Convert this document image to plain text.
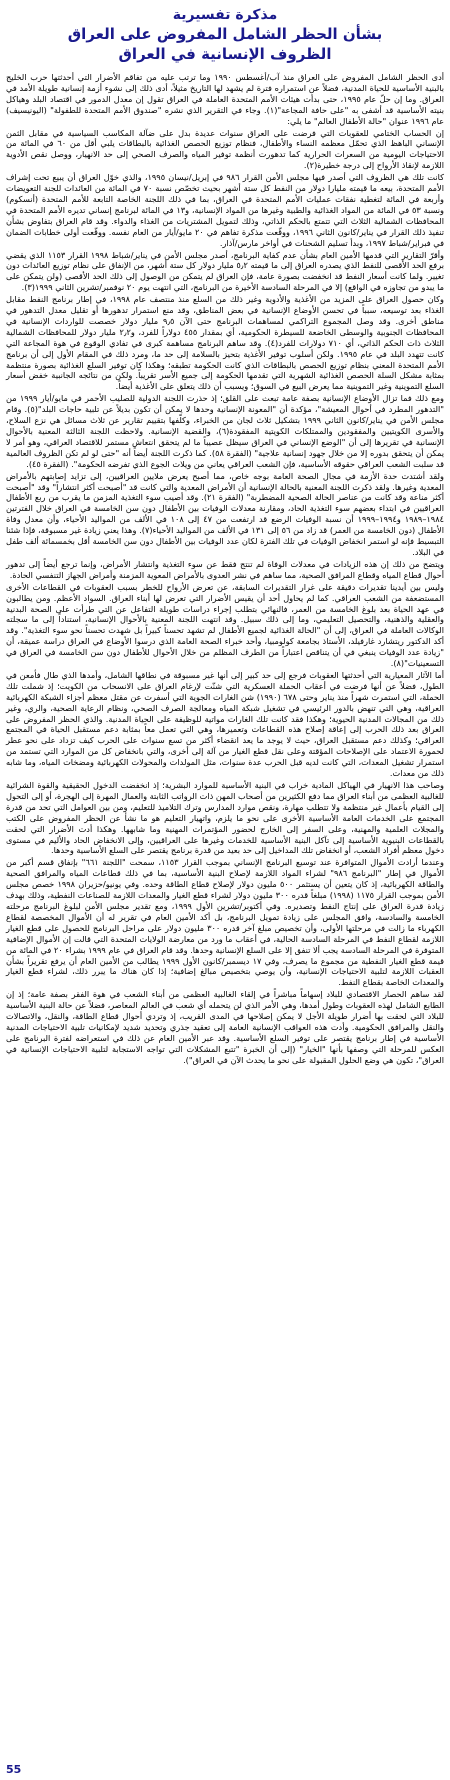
مذكرة تفسيرية
بشأن الحظر الشامل المفروض على العراق
الظروف الإنسانية في العراق

أدى الحظر الشامل المفروض على العراق منذ آب/أغسطس ١٩٩٠ وما ترتب عليه من تفاقم الأضرار التي أحدثتها حرب الخليج بالبنية الأساسية للحياة المدنية، فضلاً عن استمراره فترة لم يشهد لها التاريخ مثيلاً، أدى ذلك إلى نشوء أزمة إنسانية طويلة الأمد في العراق. وما إن حلّ عام ١٩٩٥، حتى بدأت هيئات الأمم المتحدة العاملة في العراق تقول إن معدل الدمور في اقتصاد البلد وهياكل بنيته الأساسية قد أشفى به "على حافة المجاعة"(١). وجاء في التقرير الذي نشره "صندوق الأمم المتحدة للطفولة" (اليونيسيف) عام ١٩٩٦ عنوان "حالة الأطفال العالم" ما يلي:

إن الحساب الختامي للعقوبات التي فرضت على العراق سنوات عديدة بدل على ضآلة المكاسب السياسية في مقابل الثمن الإنساني الباهظ الذي تحمّل معظمه النساء والأطفال، فنظام توزيع الحصص الغذائية بالبطاقات يلبي أقل من ٦٠ في المائة من الاحتياجات اليومية من السعرات الحرارية كما تدهورت أنظمة توفير المياه والصرف الصحي إلى حد الانهيار، ووصل نقص الأدوية اللازمة لإنقاذ الأرواح إلى درجة خطيرة(٢).

كانت تلك هي الظروف التي أصدر فيها مجلس الأمن القرار ٩٨٦ في إبريل/نيسان ١٩٩٥، والذي خوّل العراق أن يبيع تحت إشراف الأمم المتحدة، بيعه ما قيمته مليارا دولار من النفط كل ستة أشهر بحيث تخصّص نسبة ٧٠ في المائة من العائدات للجنة التعويضات وأربعة في المائة لتغطية نفقات عمليات الأمم المتحدة في العراق، بما في ذلك اللجنة الخاصة التابعة للأمم المتحدة (أنسكوم) ونسبة ٥٣ في المائة من المواد الغذائية والطبية وغيرها من المواد الإنسانية، و١٣ في المائة لبرنامج إنساني تديره الأمم المتحدة في المحافظات الشمالية الثلاث التي تتمتع بالحكم الذاتي، وذلك لتمويل المشتريات من الغذاء والدواء. وقد قام العراق بتفاوض بشأن تنفيذ ذلك القرار في يناير/كانون الثاني ١٩٩٦، ووقّعت مذكرة تفاهم في ٢٠ مايو/أيار من العام نفسه. ووقّعت أولى خطابات الضمان في فبراير/شباط ١٩٩٧، وبدأ تسليم الشحنات في أواخر مارس/آذار.

وأقرّ التقارير التي قدمها الأمين العام بشأن عدم كفاية البرنامج، أصدر مجلس الأمن في يناير/شباط ١٩٩٨ القرار ١١٥٣ الذي يقضي برفع الحد الأقصى للنفط الذي يصدره العراق إلى ما قيمته ٥٫٢ مليار دولار كل ستة أشهر، من الإنفاق على نظام توزيع العائدات دون تغيير. ولما كانت أسعار النفط قد انخفضت بصورة عامة، فإن العراق لم يتمكن من الوصول إلى ذلك الحد الأقصى (ولن يتمكن على ما يبدو من تجاوزه في الواقع) إلا في المرحلة السادسة الأخيرة من البرنامج، التي انتهت يوم ٢٠ نوفمبر/تشرين الثاني ١٩٩٩(٣).

وكان حصول العراق على المزيد من الأغذية والأدوية وغير ذلك من السلع منذ منتصف عام ١٩٩٨، في إطار برنامج النفط مقابل الغذاء بعد توسيعه، سبباً في تحسن الأوضاع الإنسانية في بعض المناطق، وقد منع استمرار تدهورها أو تقليل معدل التدهور في مناطق أخرى. وقد وصل المجموع التراكمي لمساهمات البرنامج حتى الآن ٩٫٥ مليار دولار خصصت للواردات الإنسانية في المحافظات الجنوبية والوسطى الخاضعة للسيطرة الحكومية، أي بمقدار ٤٥٥ دولاراً للفرد، و٢٫٢ مليار دولار للمحافظات الشمالية الثلاث ذات الحكم الذاتي، أي ٧١٠ دولارات للفرد(٤). وقد ساهم البرنامج مساهمة كبرى في تفادي الوقوع في هوة المجاعة التي كانت تتهدد البلد في عام ١٩٩٥. ولكن أسلوب توفير الأغذية بتحيز بالسلامة إلى حد ما، ومرد ذلك في المقام الأول إلى أن برنامج الأمم المتحدة المعني بنظام توزيع الحصص بالبطاقات الذي كانت الحكومة تطبقه؛ وهكذا كان توفير السلع الغذائية بصورة منتظمة بمثابة مشكل السلة الحصص الغذائية الشهرية التي تقدمها الحكومة إلى جميع الأسر تقريباً. ولكن من نتائجه الجانبية خفض أسعار السلع التموينية وغير التموينية مما يعرض البيع في السوق؛ ويسبب أن ذلك يتعلق على الأغذية أيضاً.

ومع ذلك فما تزال الأوضاع الإنسانية بصفة عامة تبعث على القلق؛ إذ حذرت اللجنة الدولية للصليب الأحمر في مايو/أيار ١٩٩٩ من "التدهور المطرد في أحوال المعيشة"، مؤكدة أن "المعونة الإنسانية وحدها لا يمكن أن تكون بديلاً عن تلبية حاجات البلد"(٥). وقام مجلس الأمن في يناير/كانون الثاني ١٩٩٩ بتشكيل ثلاث لجان من الخبراء، وكلّفها بتقييم تقارير عن ثلاث مسائل هي نزع السلاح، والأسرى الكويتيين والمفقودين والممتلكات الكويتية المفقودة(٦)، والقضية الإنسانية. ولاحظت اللجنة الثالثة المعنية بالأحوال الإنسانية في تقريرها إلى أن "الوضع الإنساني في العراق سيظل عصيباً ما لم يتحقق انتعاش مستمر للاقتصاد العراقي، وهو أمر لا يمكن أن يتحقق بدوره إلا من خلال جهود إنسانية علاجية" (الفقرة ٥٨). كما ذكرت اللجنة أيضاً أنه "حتى لو لم تكن الظروف العالمية قد سلبت الشعب العراقي حقوقه الأساسية، فإن الشعب العراقي يعاني من ويلات الجوع الذي تفرضه الحكومة". (الفقرة ٤٥).

ولقد أشتدت حدة الأزمة في مجال الصحة العامة بوجه خاص، مما أصبح يعرض ملايين العراقيين، إلى تزايد إصابتهم بالأمراض المعدية وغيرها. ولقد ذكرت اللجنة المعنية بالحالة الإنسانية أن الأمراض المعدية والتي كانت قد "أصبحت أكثر انتشاراً" وقد "أصبحت أكثر مناعة وقد كانت من عناصر الحالة الصحية المضطربة" (الفقرة ٢١). وقد أصيب سوء التغذية المزمن ما يقرب من ربع الأطفال العراقيين في ابتداء بعضهم سوء التغذية الحاد، ومقارنة معدلات الوفيات بين الأطفال دون سن الخامسة في العراق خلال الفترتين ١٩٨٤–١٩٨٩ و١٩٩٤–١٩٩٩ أن نسبة الوفيات الرضع قد ارتفعت من ٤٧ إلى ١٠٨ في الألف من المواليد الأحياء، وأن معدل وفاة الأطفال (دون الخامسة من العمر) قد زاد من ٥٦ إلى ١٣١ في الألف من المواليد الأحياء(٧). وهذا يعني زيادة غير مسبوقة، فإذا شئنا التبسيط فإنه لو استمر انخفاض الوفيات في تلك الفترة لكان عدد الوفيات بين الأطفال دون سن الخامسة أقل بخمسمائة ألف طفل في البلاد.

ويتضح من ذلك إن هذه الزيادات في معدلات الوفاة لم تنتج فقط عن سوء التغذية وانتشار الأمراض، وإنما ترجع أيضاً إلى تدهور أحوال قطاع المياه وقطاع المرافق الصحية، مما ساهم في نشر العدوى بالأمراض المعوية المزمنة وأمراض الجهاز التنفسي الحادة.

وليس بين أيدينا تقديرات دقيقة على غرار التقديرات السابقة، عن تعرض الأرواح للخطر بسبب العقوبات في القطاعات الأخرى المستضعفة من الشعب العراقي. كما لم يحاول أحد أن يقيس الأضرار التي تعرض لها أبناء العراق. السواد الأعظم. ومن يطالبون في عهد الحياة بعد بلوغ الخامسة من العمر، فالنهائي بتطلب إجراء دراسات طويلة التفاعل عن التي طرأت على الصحة البدنية والعقلية والذهنية، والتحصيل التعليمي، وما إلى ذلك سبيل. وقد انتهت اللجنة المعنية بالأحوال الإنسانية، استناداً إلى ما سجلته الوكالات العاملة في العراق، إلى أن "الحالة الغذائية لجميع الأطفال لم تشهد تحسناً كبيراً بل شهدت تحسناً نحو سوء التغذية". وقد أكد الدكتور ريتشارد غارفيلد، الأستاذ بجامعة كولومبيا، وأحد خبراء الصحة العامة الذي درسوا الأوضاع في العراق دراسة عميقة، أن "زيادة عدد الوفيات ينبغي في أن يتناقص اعتباراً من الطرف المظلم من خلال الأحوال للأطفال دون سن الخامسة في العراق في التسعينيات"(٨).

أما الآثار المعيارية التي أحدثتها العقوبات فرجع إلى حد كبير إلى أنها غير مسبوقة في نطاقها الشامل، وأمدها الذي طال فأمعن في الطول، فضلاً عن أنها فرضت في أعقاب الحملة العسكرية التي شنّت لإرغام العراق على الانسحاب من الكويت؛ إذ شملت تلك الحملة، التي استمرت شهراً منذ يناير وحتى ٦٧٨ (١٩٩٠) شن الغارات الجوية التي أسفرت عن مقتل معظم أجزاء الشبكة الكهربائية العراقية، وهي التي تنهض بالدور الرئيسي في تشغيل شبكة المياه ومعالجة الصرف الصحي، ونظام الرعاية الصحية، والري، وغير ذلك من المجالات المدنية الحيوية؛ وهكذا فقد كانت تلك الغارات مواتية للوظيفة على الحياة المدنية. والذي الحظر المفروض على العراق بعد ذلك الحرب إلى إعاقة إصلاح هذه القطاعات وتعميرها، وهي التي تعمل معاً بمثابة دعم مستقبل الحياة في المجتمع العراقي؛ وكذلك دعم مستقبل العراق، حيث لا يوجد ما يعد انقضاء أكثر من تسع سنوات على الحرب كيف تزداد على نحو عطر لحمورة الاعتماد على الإصلاحات المؤقتة وعلى نقل قطع الغيار من آلة إلى أخرى، والتي بانخفاض كل من الموارد التي تستمد من استمرار تشغيل المعدات، التي كانت لديه قبل الحرب عدة سنوات، مثل المولدات والمحولات الكهربائية ومضخات المياه، وما شابه ذلك من معدات.

وصاحب هذا الانهيار في الهياكل المادية خراب في البنية الأساسية للموارد البشرية؛ إذ انخفضت الدخول الحقيقية والقوة الشرائية للغالبية العظمى من أبناء العراق مما دفع الكثيرين من أصحاب المهن ذات الرواتب الثابتة والعمال المهرة إلى الهجرة، أو إلى التحول إلى القيام بأعمال غير منتظمة ولا تتطلب مهارة، ونقص موارد المدارس وترك التلاميذ للتعليم، ومن بين العوامل التي تحد من قدرة المجتمع على الخدمات العامة الأساسية الأخرى على نحو ما يلزم، واتهيار التعليم هو ما نشأ عن الحظر المفروض على الكتب والمجلات العلمية والمهنية، وعلى السفر إلى الخارج لحضور المؤتمرات المهنية وما شابهها. وهكذا أدت الأضرار التي لحقت بالقطاعات البنيوية الأساسية إلى تآكل البنية الأساسية للخدمات وغيرها على العراقيين، وإلى الانخفاض الحاد والأليم في مستوى دخول معظم أفراد الشعب، أو انخفاض تلك المداخيل إلى حد بعيد من قدرة برنامج يقتصر على السلع الأساسية وحدها.

وعندما أرادت الأموال المتوافرة عند توسيع البرنامج الإنساني بموجب القرار ١١٥٣، سمحت "اللجنة ٦٦١" بإنفاق قسم أكبر من الأموال في إطار "البرنامج ٩٨٦" لشراء المواد اللازمة لإصلاح البنية الأساسية، بما في ذلك قطاعات المياه والمرافق الصحية والطاقة الكهربائية، إذ كان يتعين أن يستثمر ٥٠٠ مليون دولار لإصلاح قطاع الطاقة وحده. وفي يونيو/حزيران ١٩٩٨ خصص مجلس الأمن بموجب القرار ١١٧٥ (١٩٩٨) مبلغاً قدره ٣٠٠ مليون دولار لشراء قطع الغيار والمعدات اللازمة للصناعات النفطية، وذلك بهدف زيادة قدرة العراق على إنتاج النفط وتصديره. وفي أكتوبر/تشرين الأول ١٩٩٩، ومع تقدير مجلس الأمن لبلوغ البرنامج مرحلته الخامسة والسادسة، وافق المجلس على زيادة تمويل البرنامج، بل أكد الأمين العام في تقرير له أن الأموال المخصصة لقطاع الكهرباء ما زالت في مرحلتها الأولى، وأن تخصيص مبلغ آخر قدره ٣٠٠ مليون دولار على مراحل البرنامج للحصول على قطع الغيار اللازمة لقطاع النفط في المرحلة السادسة الحالية، في أعقاب ما ورد من معارضة الولايات المتحدة التي قالت إن الأموال الإضافية المتوفرة في المرحلة السادسة يجب ألا تنفق إلا على السلع الإنسانية وحدها. وقد قام العراق في عام ١٩٩٩ بشراء ٢٠ في المائة من قيمة قطع الغيار النفطية من مجموع ما يصرف، وفي ١٧ ديسمبر/كانون الأول ١٩٩٩ يطالب من الأمين العام أن يرفع تقريراً بشأن العقبات اللازمة لتلبية الاحتياجات الإنسانية، وأن يوصي بتخصيص مبالغ إضافية؛ إذا كان هناك ما يبرر ذلك، لشراء قطع الغيار والمعدات الخاصة بقطاع النفط.

لقد ساهم الحصار الاقتصادي للبلاد إسهاماً مباشراً في إلقاء الغالبية العظمى من أبناء الشعب في هوة الفقر بصفة عامة؛ إذ إن الطابع الشامل لهذه العقوبات وطول أمدها، وهي الأمر الذي لن يتحمله أي شعب في العالم المعاصر، فضلاً عن حالة البنية الأساسية للبلاد التي لحقت بها أضرار طويلة الأجل لا يمكن إصلاحها في المدى القريب، إذ وتردي أحوال قطاع الطاقة، والنقل، والاتصالات والنقل والمرافق الحكومية. وأدت هذه العواقب الإنسانية العامة إلى تعقيد جذري وتحديد شديد لإمكانيات تلبية الاحتياجات المدنية الأساسية في إطار برنامج يقتصر على توفير السلع الأساسية. وقد عبر الأمين العام عن ذلك في استعراضه لفترة البرنامج على العكس للمرحلة التي وصفها بأنها "الخيار" (إلى أن الخبرة "تتبع المشكلات التي تواجه الاستجابة لتلبية الاحتياجات الإنسانية في العراق"، تكون هي وضع الحلول المقبولة على نحو ما يحدث الآن في العراق").

55
